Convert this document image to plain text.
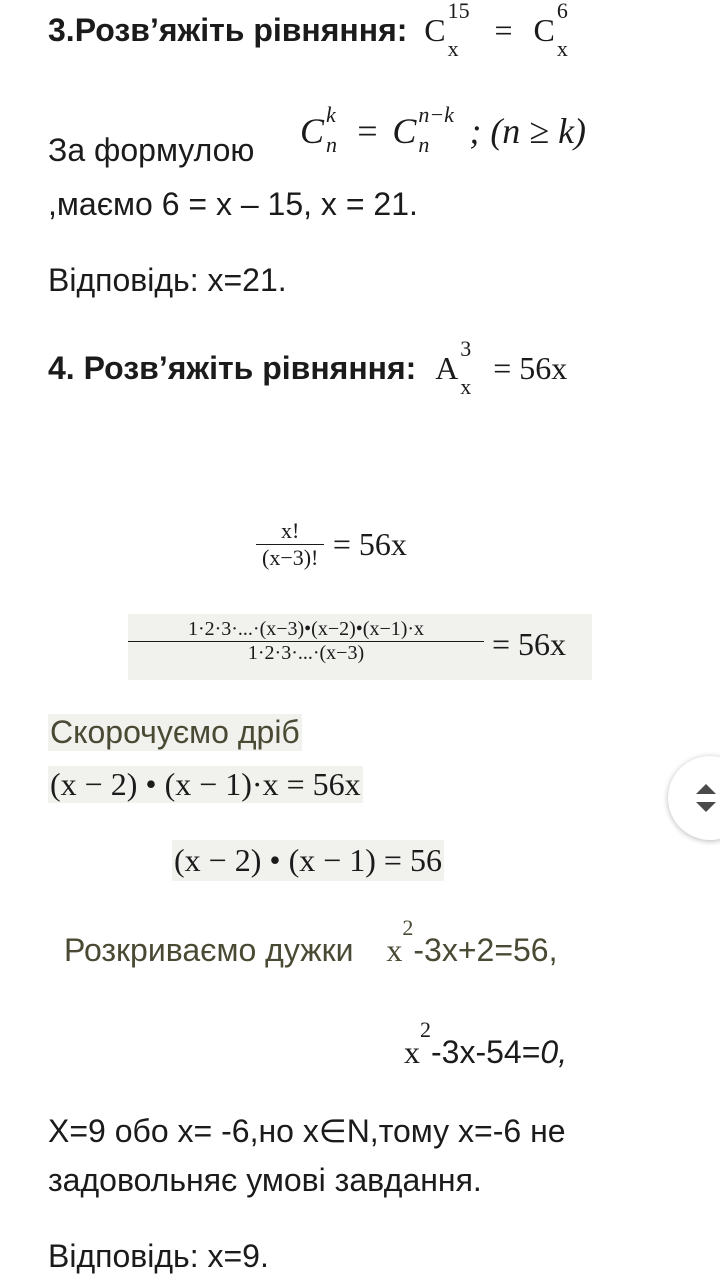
3.Розв’яжіть рівняння: C
15
x
= C
6
x
За формулою C k
n = C n−k
n ; (n ≥ k)
,маємо 6 = x – 15, x = 21.
Відповідь: x=21.
4. Розв’яжіть рівняння: A
3
x
= 56x
$\frac{x!}{(x-3)!} = 56x$
$\frac{1\cdot 2\cdot 3\cdot...\cdot(x-3)•(x-2)•(x-1)\cdot x}{1\cdot 2\cdot 3\cdot...\cdot(x-3)} = 56x$
Скорочуємо дріб
(x − 2) • (x − 1)·x = 56x
(x − 2) • (x − 1) = 56
Розкриваємо дужки $x^2-3x+2=56$,
$x^2-3x-54=0$,
X=9 обо x= -6,но x∈N,тому x=-6 не
задовольняє умові завдання.
Відповідь: x=9.
